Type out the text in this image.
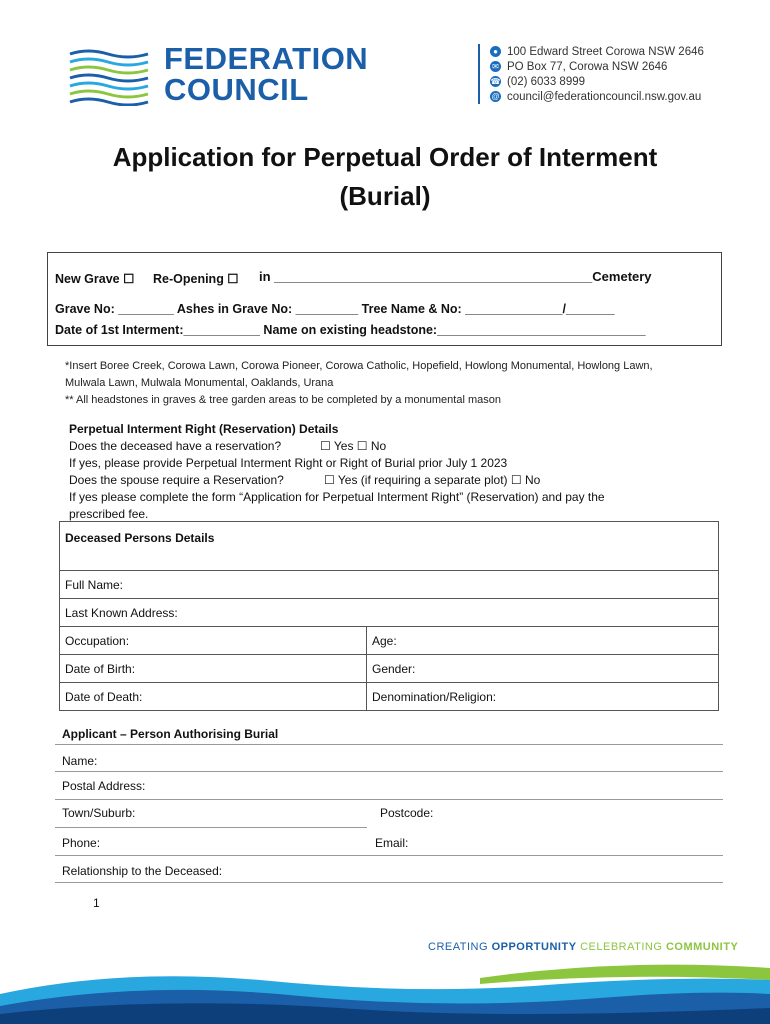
FEDERATION
COUNCIL
● 100 Edward Street Corowa NSW 2646
✉ PO Box 77, Corowa NSW 2646
☎ (02) 6033 8999
@ council@federationcouncil.nsw.gov.au
Application for Perpetual Order of Interment
(Burial)
New Grave ☐ Re-Opening ☐ in ____________________________________________Cemetery
Grave No: ________ Ashes in Grave No: _________ Tree Name & No: ______________/_______
Date of 1st Interment:___________ Name on existing headstone:______________________________
*Insert Boree Creek, Corowa Lawn, Corowa Pioneer, Corowa Catholic, Hopefield, Howlong Monumental, Howlong Lawn,
Mulwala Lawn, Mulwala Monumental, Oaklands, Urana
** All headstones in graves & tree garden areas to be completed by a monumental mason
Perpetual Interment Right (Reservation) Details
Does the deceased have a reservation?	☐ Yes ☐ No
If yes, please provide Perpetual Interment Right or Right of Burial prior July 1 2023
Does the spouse require a Reservation?	☐ Yes (if requiring a separate plot) ☐ No
If yes please complete the form “Application for Perpetual Interment Right” (Reservation) and pay the
prescribed fee.
Deceased Persons Details	
Full Name:	
Last Known Address:	
Occupation:	Age:
Date of Birth:	Gender:
Date of Death:	Denomination/Religion:
Applicant – Person Authorising Burial
Name:
Postal Address:
Town/Suburb:	Postcode:
Phone:	Email:
Relationship to the Deceased:
1
CREATING OPPORTUNITY CELEBRATING COMMUNITY
